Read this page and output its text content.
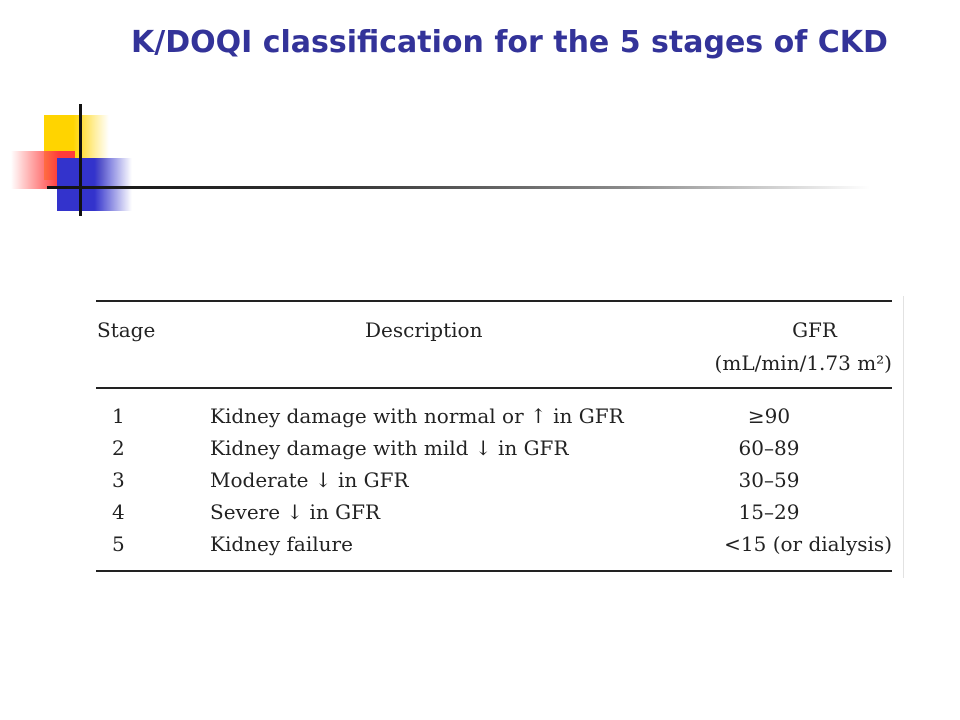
K/DOQI classification for the 5 stages of CKD
Stage	Description	GFR
(mL/min/1.73 m²)
1	Kidney damage with normal or ↑ in GFR	≥90
2	Kidney damage with mild ↓ in GFR	60–89
3	Moderate ↓ in GFR	30–59
4	Severe ↓ in GFR	15–29
5	Kidney failure	<15 (or dialysis)
